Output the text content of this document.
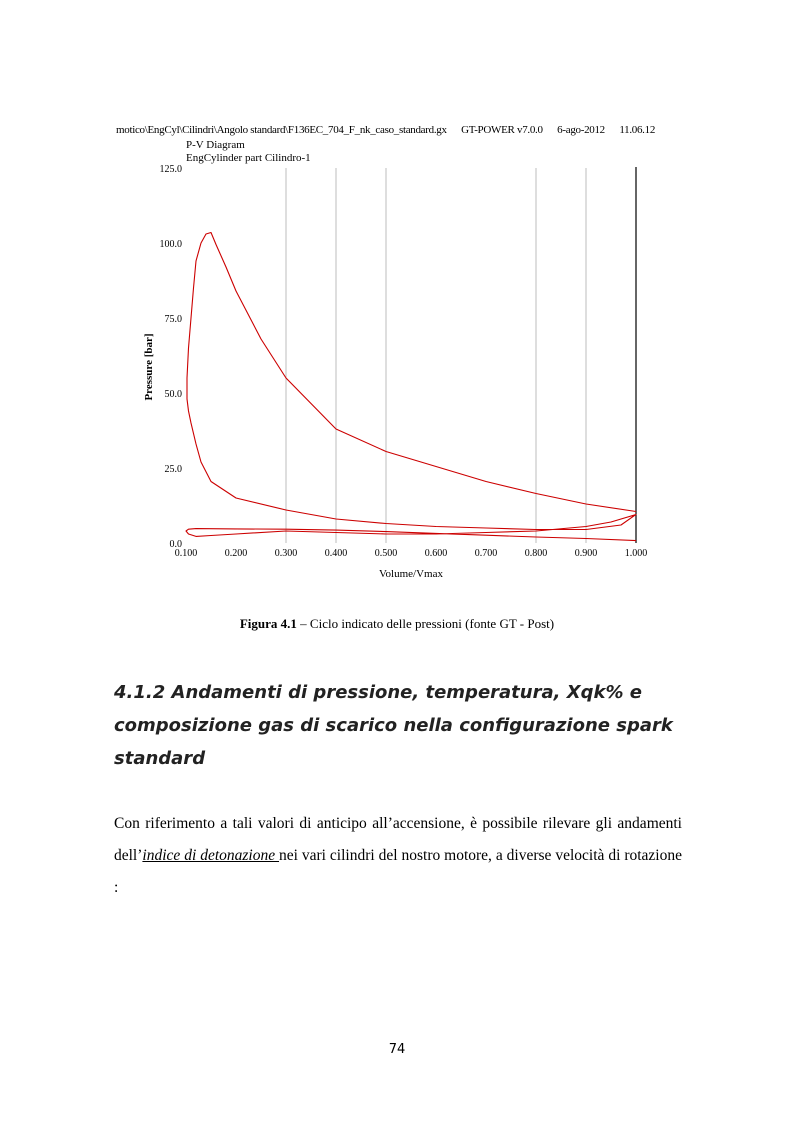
motico\EngCyl\Cilindri\Angolo standard\F136EC_704_F_nk_caso_standard.gx GT-POWER v7.0.0 6-ago-2012 11.06.12
P-V Diagram
EngCylinder part Cilindro-1
0.0
25.0
50.0
75.0
100.0
125.0
0.100	0.200	0.300	0.400	0.500	0.600	0.700	0.800	0.900	1.000
Pressure [bar]
Volume/Vmax
Figura 4.1 – Ciclo indicato delle pressioni (fonte GT - Post)
4.1.2 Andamenti di pressione, temperatura, Xqk% e composizione gas di scarico nella configurazione spark standard
Con riferimento a tali valori di anticipo all’accensione, è possibile rilevare gli andamenti dell’indice di detonazione nei vari cilindri del nostro motore, a diverse velocità di rotazione :
74
